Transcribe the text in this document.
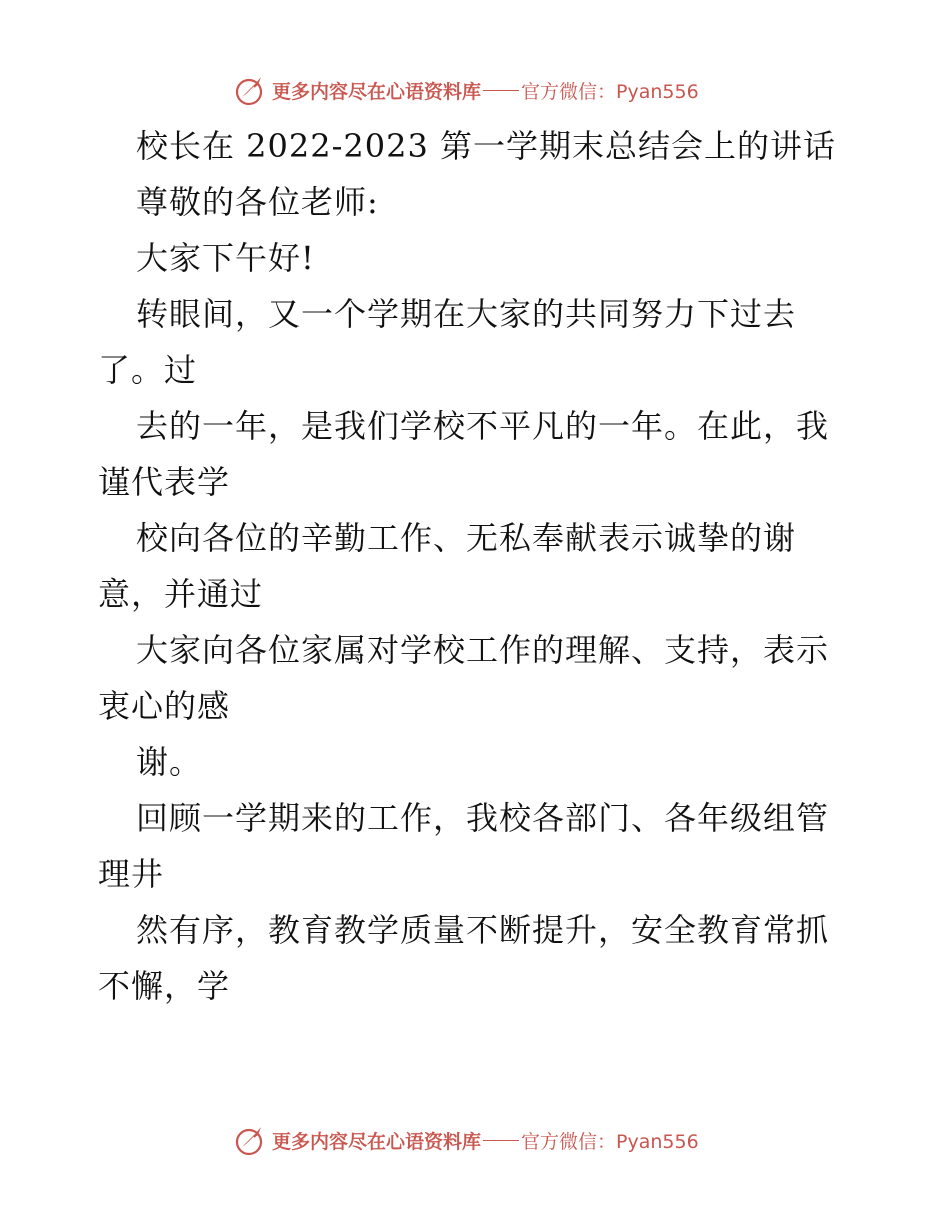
更多内容尽在心语资料库 官方微信：Pyan556
校长在 2022-2023 第一学期末总结会上的讲话
尊敬的各位老师:
大家下午好!
转眼间，又一个学期在大家的共同努力下过去
了。过
去的一年，是我们学校不平凡的一年。在此，我
谨代表学
校向各位的辛勤工作、无私奉献表示诚挚的谢
意，并通过
大家向各位家属对学校工作的理解、支持，表示
衷心的感
谢。
回顾一学期来的工作，我校各部门、各年级组管
理井
然有序，教育教学质量不断提升，安全教育常抓
不懈，学
更多内容尽在心语资料库 官方微信：Pyan556
